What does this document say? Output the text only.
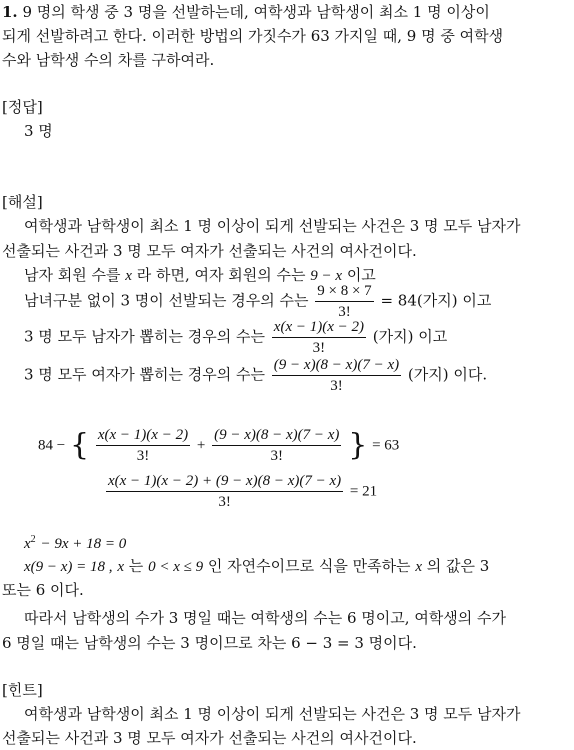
1. 9 명의 학생 중 3 명을 선발하는데, 여학생과 남학생이 최소 1 명 이상이
되게 선발하려고 한다. 이러한 방법의 가짓수가 63 가지일 때, 9 명 중 여학생
수와 남학생 수의 차를 구하여라.
[정답]
3 명
[해설]
여학생과 남학생이 최소 1 명 이상이 되게 선발되는 사건은 3 명 모두 남자가
선출되는 사건과 3 명 모두 여자가 선출되는 사건의 여사건이다.
남자 회원 수를 x 라 하면, 여자 회원의 수는 9 − x 이고
남녀구분 없이 3 명이 선발되는 경우의 수는 $\frac{9 \times 8 \times 7}{3!} = 84$(가지) 이고
3 명 모두 남자가 뽑히는 경우의 수는 $\frac{x(x - 1)(x - 2)}{3!}$ (가지) 이고
3 명 모두 여자가 뽑히는 경우의 수는 $\frac{(9 - x)(8 - x)(7 - x)}{3!}$ (가지) 이다.
84 − { $\frac{x(x - 1)(x - 2)}{3!} + \frac{(9 - x)(8 - x)(7 - x)}{3!}$ } = 63
$\frac{x(x - 1)(x - 2) + (9 - x)(8 - x)(7 - x)}{3!} = 21$
$x^2 - 9x + 18 = 0$
x(9 − x) = 18 , x 는 0 < x ≤ 9 인 자연수이므로 식을 만족하는 x 의 값은 3
또는 6 이다.
따라서 남학생의 수가 3 명일 때는 여학생의 수는 6 명이고, 여학생의 수가
6 명일 때는 남학생의 수는 3 명이므로 차는 6 − 3 = 3 명이다.
[힌트]
여학생과 남학생이 최소 1 명 이상이 되게 선발되는 사건은 3 명 모두 남자가
선출되는 사건과 3 명 모두 여자가 선출되는 사건의 여사건이다.
